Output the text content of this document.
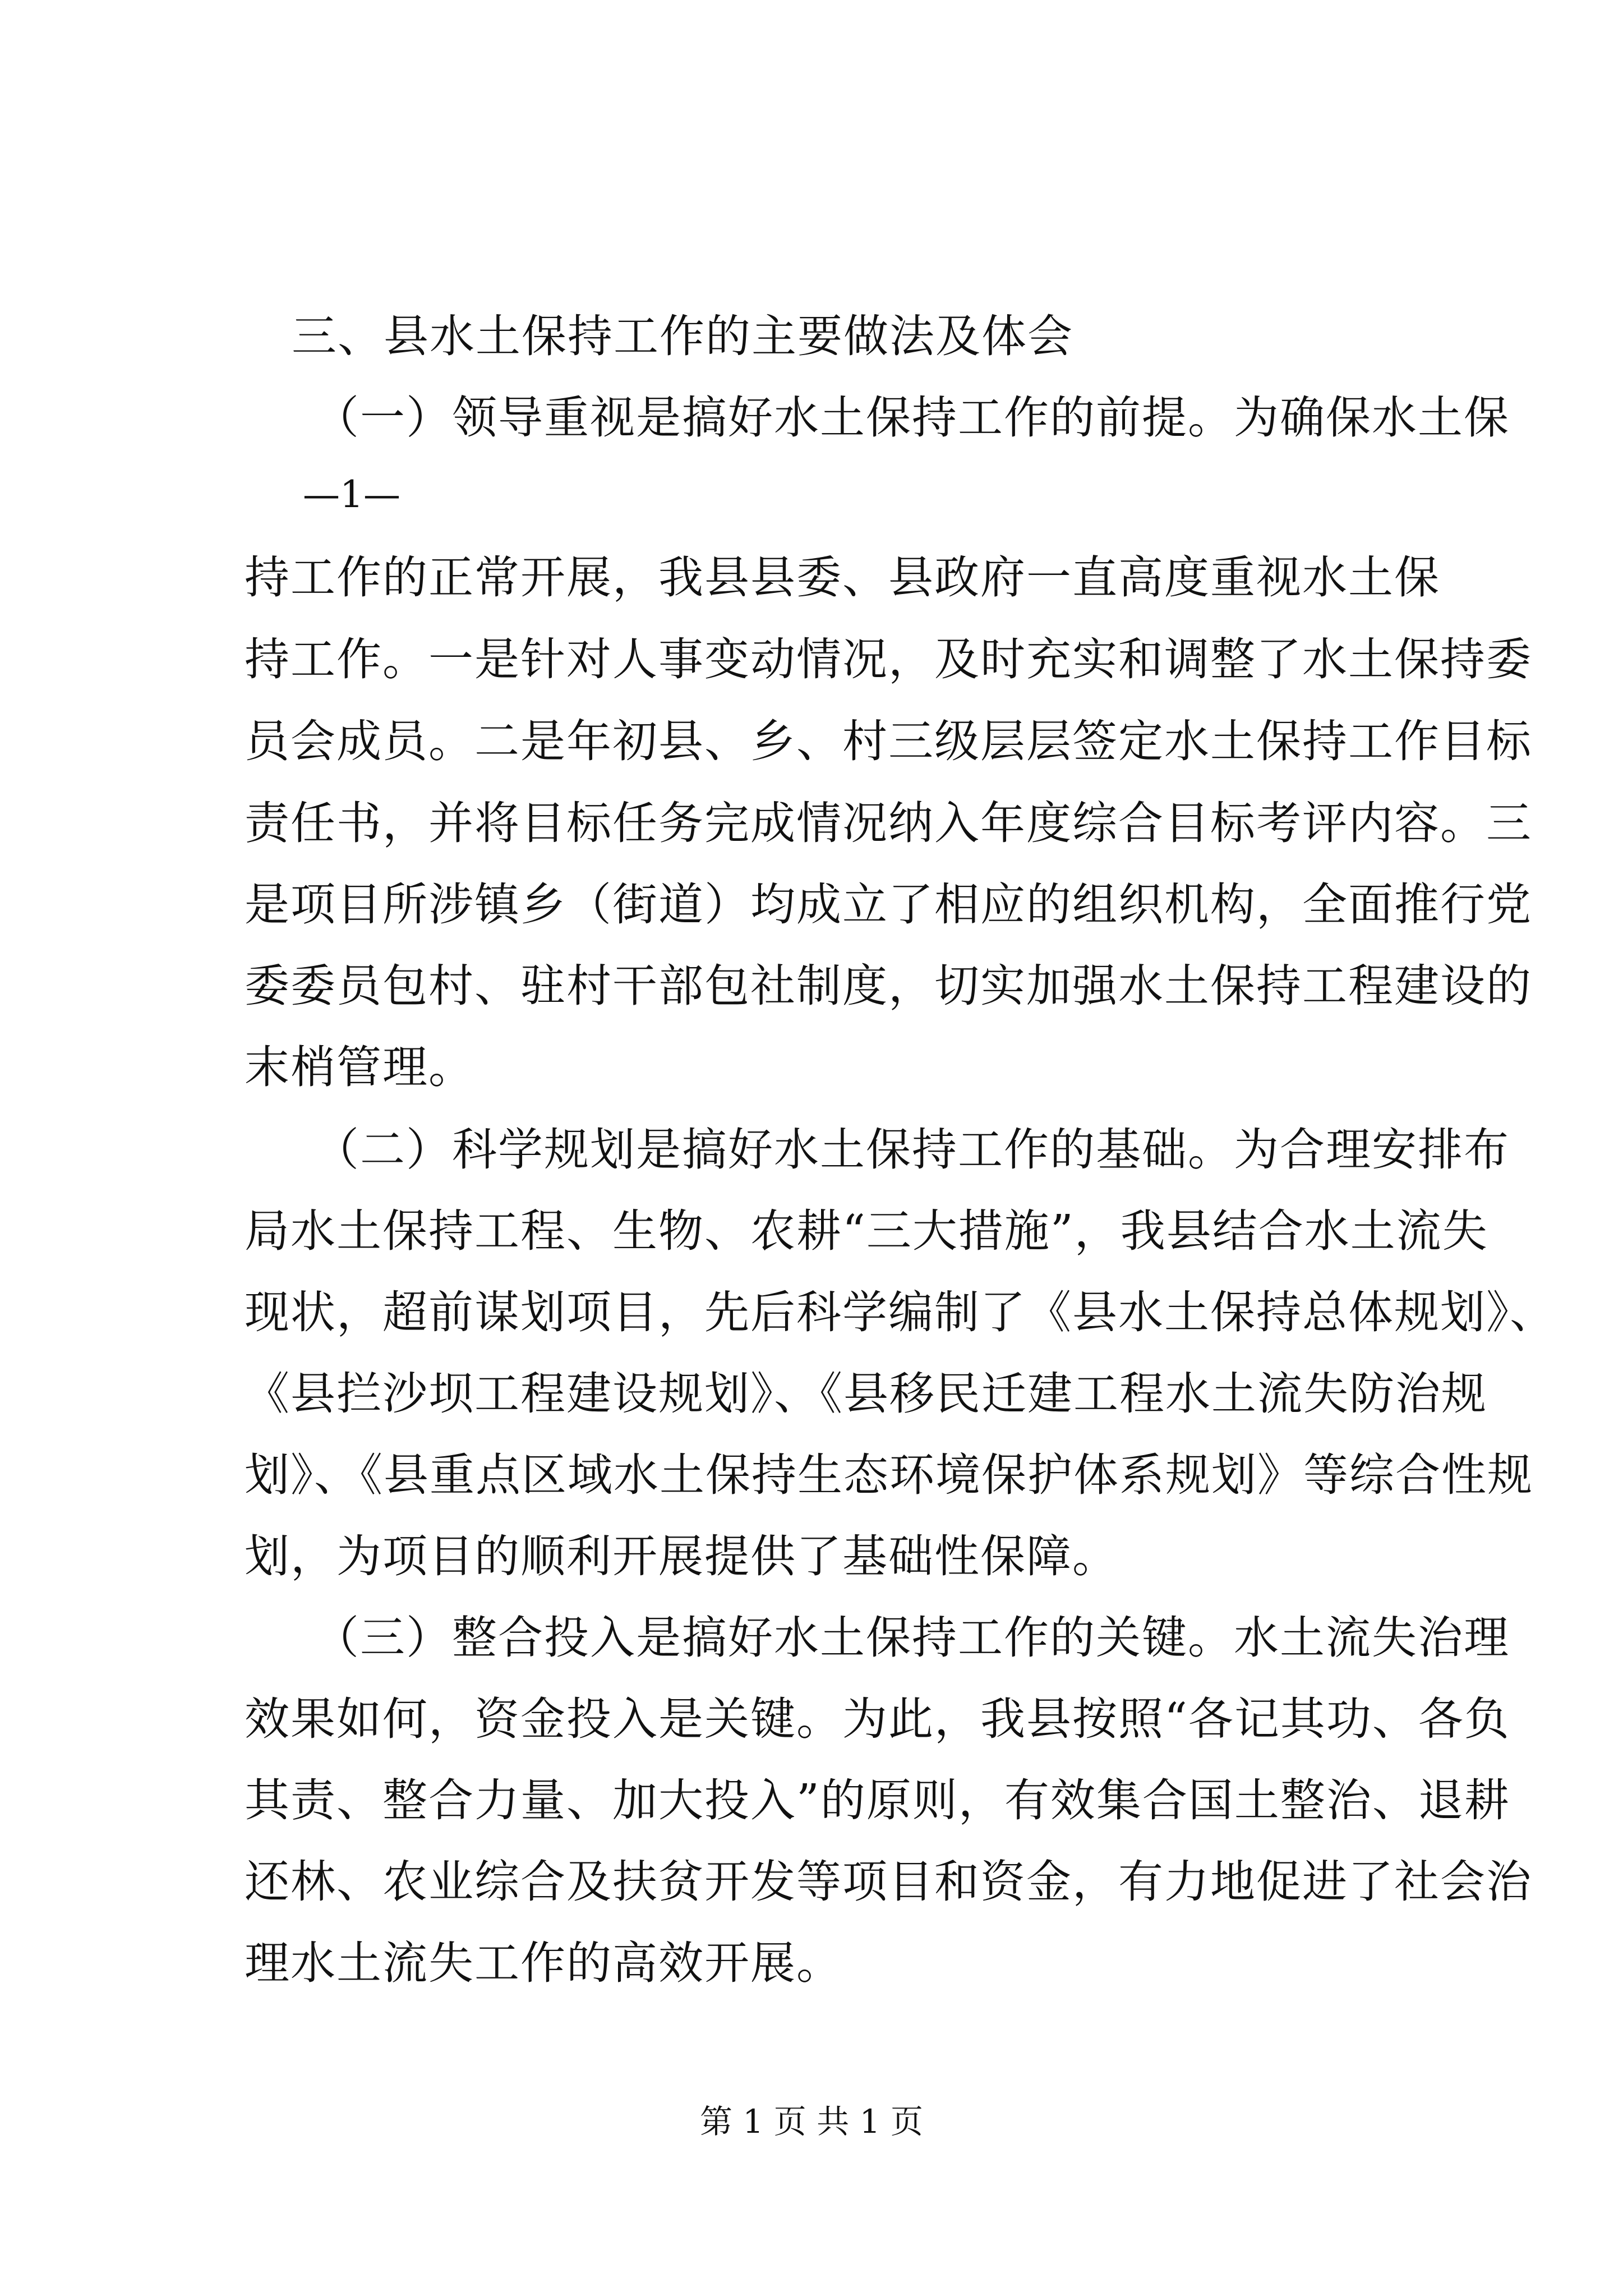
三、县水土保持工作的主要做法及体会
（一）领导重视是搞好水土保持工作的前提。为确保水土保
—1—
持工作的正常开展，我县县委、县政府一直高度重视水土保
持工作。一是针对人事变动情况，及时充实和调整了水土保持委
员会成员。二是年初县、乡、村三级层层签定水土保持工作目标
责任书，并将目标任务完成情况纳入年度综合目标考评内容。三
是项目所涉镇乡（街道）均成立了相应的组织机构，全面推行党
委委员包村、驻村干部包社制度，切实加强水土保持工程建设的
末梢管理。
（二）科学规划是搞好水土保持工作的基础。为合理安排布
局水土保持工程、生物、农耕“三大措施”，我县结合水土流失
现状，超前谋划项目，先后科学编制了《县水土保持总体规划》、
《县拦沙坝工程建设规划》、《县移民迁建工程水土流失防治规
划》、《县重点区域水土保持生态环境保护体系规划》等综合性规
划，为项目的顺利开展提供了基础性保障。
（三）整合投入是搞好水土保持工作的关键。水土流失治理
效果如何，资金投入是关键。为此，我县按照“各记其功、各负
其责、整合力量、加大投入”的原则，有效集合国土整治、退耕
还林、农业综合及扶贫开发等项目和资金，有力地促进了社会治
理水土流失工作的高效开展。
第 1 页 共 1 页
